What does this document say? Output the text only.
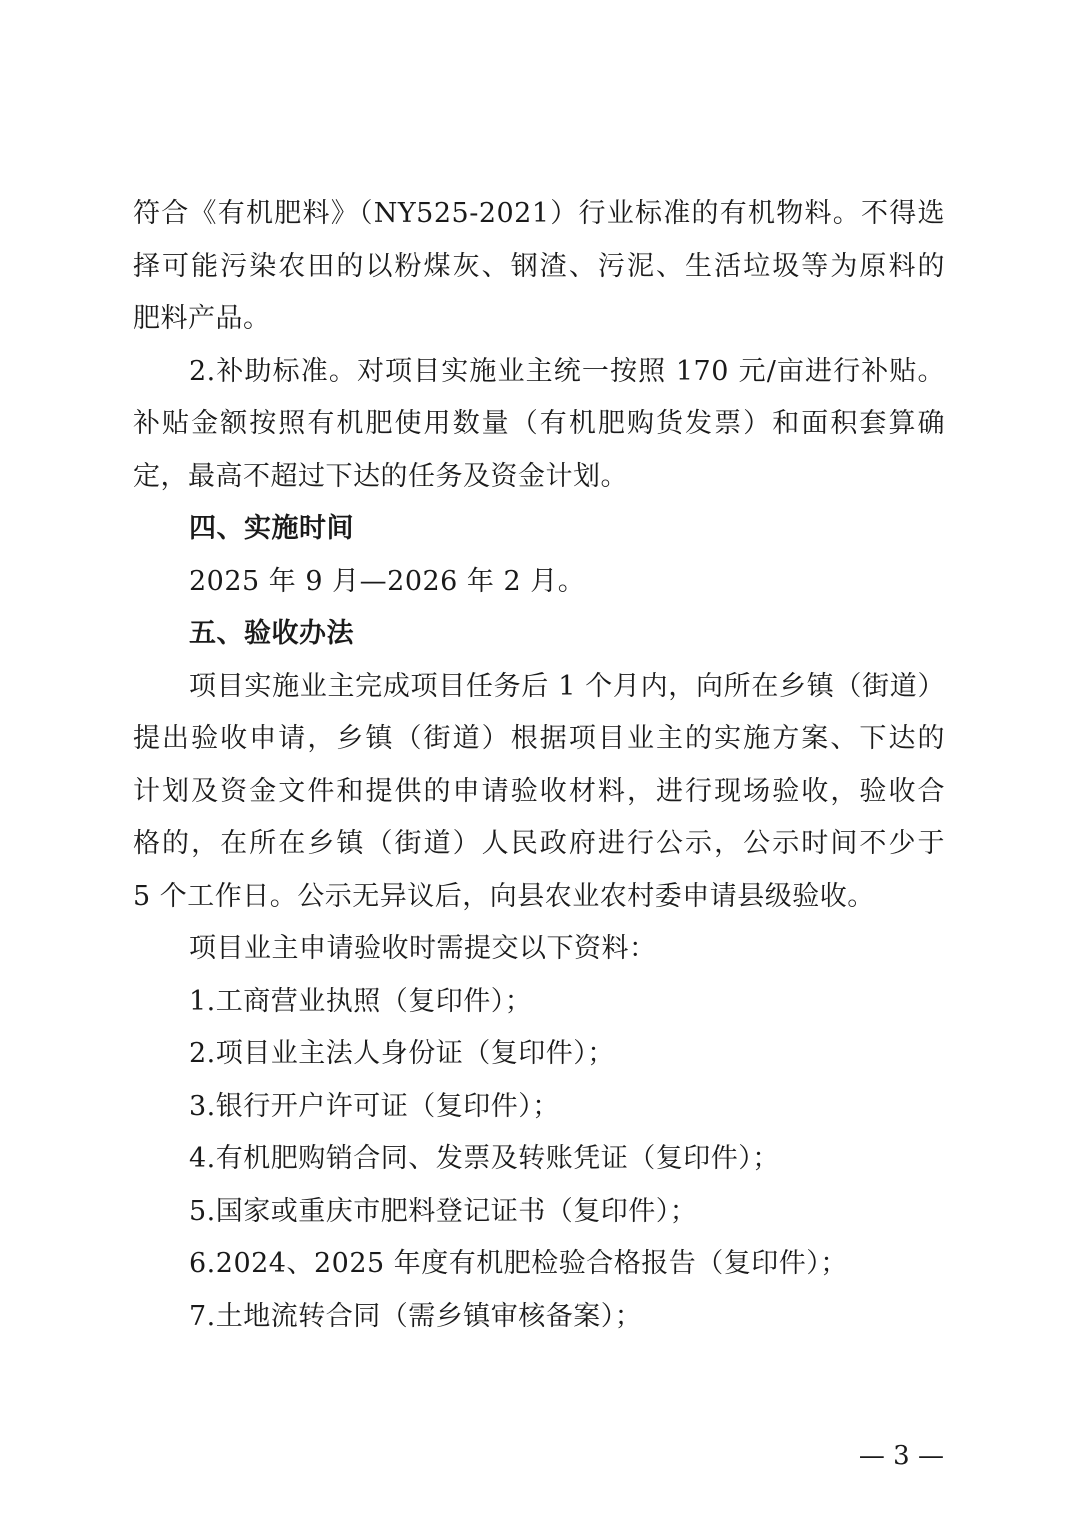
符合《有机肥料》（NY525-2021）行业标准的有机物料。不得选
择可能污染农田的以粉煤灰、钢渣、污泥、生活垃圾等为原料的
肥料产品。
2.补助标准。对项目实施业主统一按照 170 元/亩进行补贴。
补贴金额按照有机肥使用数量（有机肥购货发票）和面积套算确
定，最高不超过下达的任务及资金计划。
四、实施时间
2025 年 9 月—2026 年 2 月。
五、验收办法
项目实施业主完成项目任务后 1 个月内，向所在乡镇（街道）
提出验收申请，乡镇（街道）根据项目业主的实施方案、下达的
计划及资金文件和提供的申请验收材料，进行现场验收，验收合
格的，在所在乡镇（街道）人民政府进行公示，公示时间不少于
5 个工作日。公示无异议后，向县农业农村委申请县级验收。
项目业主申请验收时需提交以下资料：
1.工商营业执照（复印件）；
2.项目业主法人身份证（复印件）；
3.银行开户许可证（复印件）；
4.有机肥购销合同、发票及转账凭证（复印件）；
5.国家或重庆市肥料登记证书（复印件）；
6.2024、2025 年度有机肥检验合格报告（复印件）；
7.土地流转合同（需乡镇审核备案）；
— 3 —
